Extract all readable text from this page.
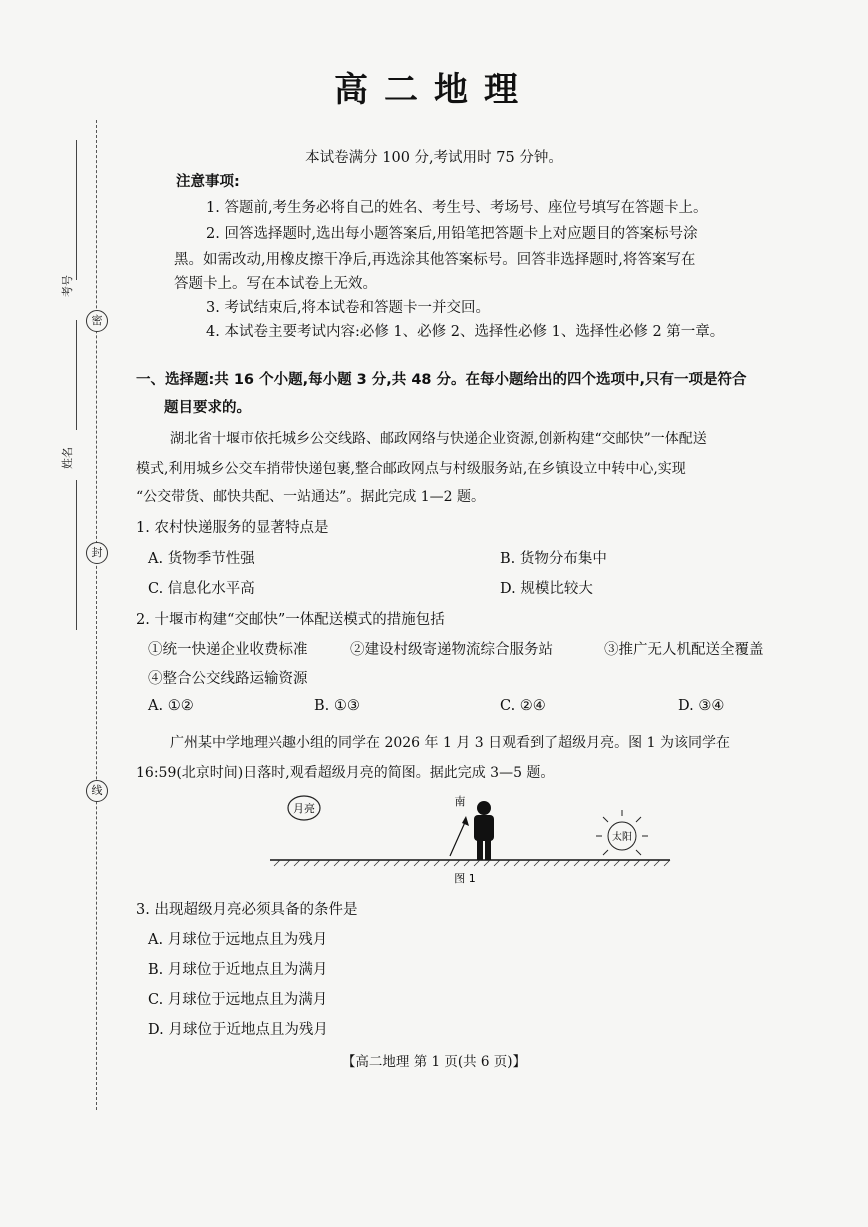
考号
姓名
密
封
线
高二地理
本试卷满分 100 分,考试用时 75 分钟。
注意事项:
1. 答题前,考生务必将自己的姓名、考生号、考场号、座位号填写在答题卡上。
2. 回答选择题时,选出每小题答案后,用铅笔把答题卡上对应题目的答案标号涂
黑。如需改动,用橡皮擦干净后,再选涂其他答案标号。回答非选择题时,将答案写在
答题卡上。写在本试卷上无效。
3. 考试结束后,将本试卷和答题卡一并交回。
4. 本试卷主要考试内容:必修 1、必修 2、选择性必修 1、选择性必修 2 第一章。
一、选择题:共 16 个小题,每小题 3 分,共 48 分。在每小题给出的四个选项中,只有一项是符合
题目要求的。
湖北省十堰市依托城乡公交线路、邮政网络与快递企业资源,创新构建“交邮快”一体配送
模式,利用城乡公交车捎带快递包裹,整合邮政网点与村级服务站,在乡镇设立中转中心,实现
“公交带货、邮快共配、一站通达”。据此完成 1—2 题。
1. 农村快递服务的显著特点是
A. 货物季节性强	B. 货物分布集中
C. 信息化水平高	D. 规模比较大
2. 十堰市构建“交邮快”一体配送模式的措施包括
①统一快递企业收费标准	②建设村级寄递物流综合服务站	③推广无人机配送全覆盖
④整合公交线路运输资源
A. ①②	B. ①③	C. ②④	D. ③④
广州某中学地理兴趣小组的同学在 2026 年 1 月 3 日观看到了超级月亮。图 1 为该同学在
16:59(北京时间)日落时,观看超级月亮的简图。据此完成 3—5 题。
月亮
南
太阳
图 1
3. 出现超级月亮必须具备的条件是
A. 月球位于远地点且为残月
B. 月球位于近地点且为满月
C. 月球位于远地点且为满月
D. 月球位于近地点且为残月
【高二地理 第 1 页(共 6 页)】
